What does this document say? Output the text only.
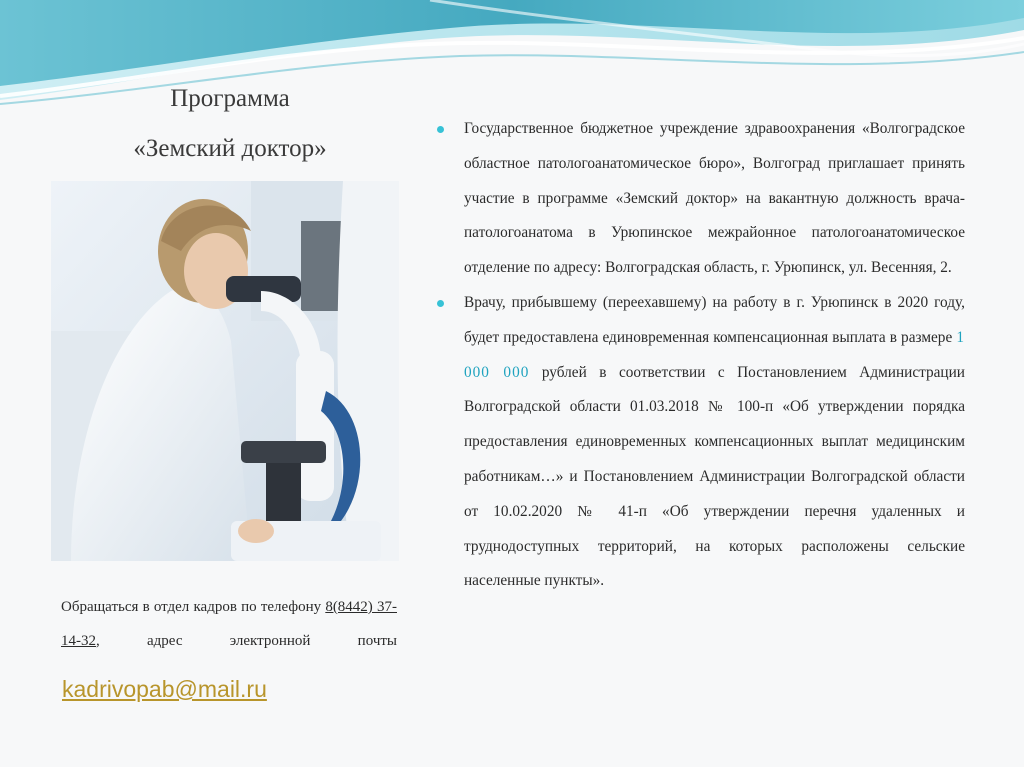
Программа
«Земский доктор»
Обращаться в отдел кадров по телефону 8(8442) 37-14-32, адрес электронной почты
kadrivopab@mail.ru
Государственное бюджетное учреждение здравоохранения «Волгоградское областное патологоанатомическое бюро», Волгоград приглашает принять участие в программе «Земский доктор» на вакантную должность врача-патологоанатома в Урюпинское межрайонное патологоанатомическое отделение по адресу: Волгоградская область, г. Урюпинск, ул. Весенняя, 2.
Врачу, прибывшему (переехавшему) на работу в г. Урюпинск в 2020 году, будет предоставлена единовременная компенсационная выплата в размере 1 000 000 рублей в соответствии с Постановлением Администрации Волгоградской области 01.03.2018 № 100-п «Об утверждении порядка предоставления единовременных компенсационных выплат медицинским работникам…» и Постановлением Администрации Волгоградской области от 10.02.2020 № 41-п «Об утверждении перечня удаленных и труднодоступных территорий, на которых расположены сельские населенные пункты».
